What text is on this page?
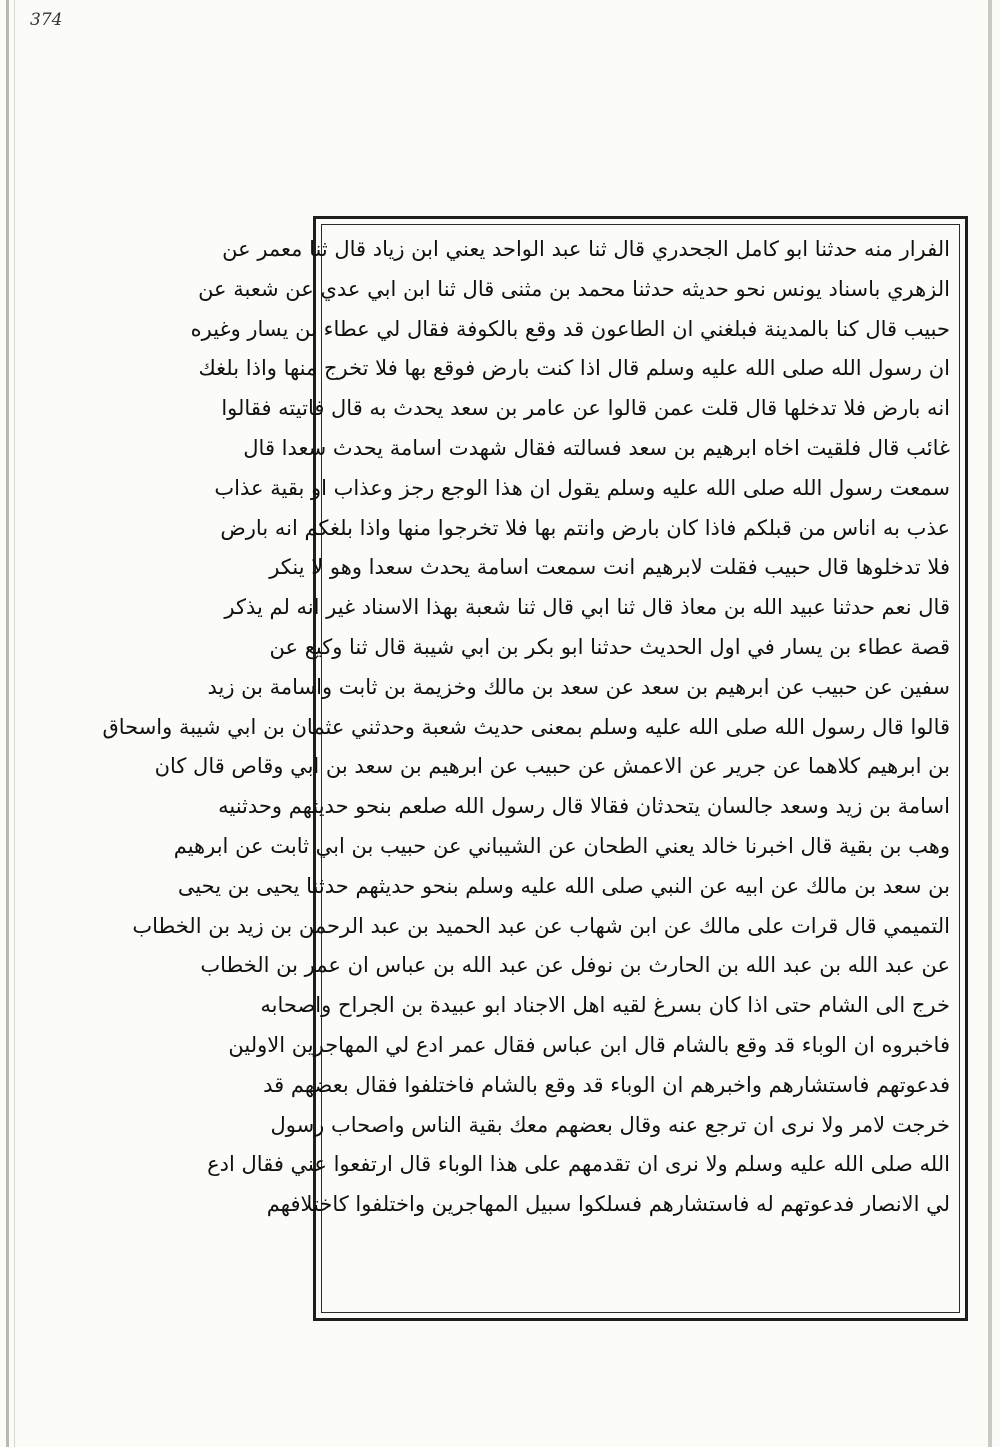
374
الفرار منه حدثنا ابو كامل الجحدري قال ثنا عبد الواحد يعني ابن زياد قال ثنا معمر عن
الزهري باسناد يونس نحو حديثه حدثنا محمد بن مثنى قال ثنا ابن ابي عدي عن شعبة عن
حبيب قال كنا بالمدينة فبلغني ان الطاعون قد وقع بالكوفة فقال لي عطاء بن يسار وغيره
ان رسول الله صلى الله عليه وسلم قال اذا كنت بارض فوقع بها فلا تخرج منها واذا بلغك
انه بارض فلا تدخلها قال قلت عمن قالوا عن عامر بن سعد يحدث به قال فاتيته فقالوا
غائب قال فلقيت اخاه ابرهيم بن سعد فسالته فقال شهدت اسامة يحدث سعدا قال
سمعت رسول الله صلى الله عليه وسلم يقول ان هذا الوجع رجز وعذاب او بقية عذاب
عذب به اناس من قبلكم فاذا كان بارض وانتم بها فلا تخرجوا منها واذا بلغكم انه بارض
فلا تدخلوها قال حبيب فقلت لابرهيم انت سمعت اسامة يحدث سعدا وهو لا ينكر
قال نعم حدثنا عبيد الله بن معاذ قال ثنا ابي قال ثنا شعبة بهذا الاسناد غير انه لم يذكر
قصة عطاء بن يسار في اول الحديث حدثنا ابو بكر بن ابي شيبة قال ثنا وكيع عن
سفين عن حبيب عن ابرهيم بن سعد عن سعد بن مالك وخزيمة بن ثابت واسامة بن زيد
قالوا قال رسول الله صلى الله عليه وسلم بمعنى حديث شعبة وحدثني عثمان بن ابي شيبة واسحاق
بن ابرهيم كلاهما عن جرير عن الاعمش عن حبيب عن ابرهيم بن سعد بن ابي وقاص قال كان
اسامة بن زيد وسعد جالسان يتحدثان فقالا قال رسول الله صلعم بنحو حديثهم وحدثنيه
وهب بن بقية قال اخبرنا خالد يعني الطحان عن الشيباني عن حبيب بن ابي ثابت عن ابرهيم
بن سعد بن مالك عن ابيه عن النبي صلى الله عليه وسلم بنحو حديثهم حدثنا يحيى بن يحيى
التميمي قال قرات على مالك عن ابن شهاب عن عبد الحميد بن عبد الرحمن بن زيد بن الخطاب
عن عبد الله بن عبد الله بن الحارث بن نوفل عن عبد الله بن عباس ان عمر بن الخطاب
خرج الى الشام حتى اذا كان بسرغ لقيه اهل الاجناد ابو عبيدة بن الجراح واصحابه
فاخبروه ان الوباء قد وقع بالشام قال ابن عباس فقال عمر ادع لي المهاجرين الاولين
فدعوتهم فاستشارهم واخبرهم ان الوباء قد وقع بالشام فاختلفوا فقال بعضهم قد
خرجت لامر ولا نرى ان ترجع عنه وقال بعضهم معك بقية الناس واصحاب رسول
الله صلى الله عليه وسلم ولا نرى ان تقدمهم على هذا الوباء قال ارتفعوا عني فقال ادع
لي الانصار فدعوتهم له فاستشارهم فسلكوا سبيل المهاجرين واختلفوا كاختلافهم
